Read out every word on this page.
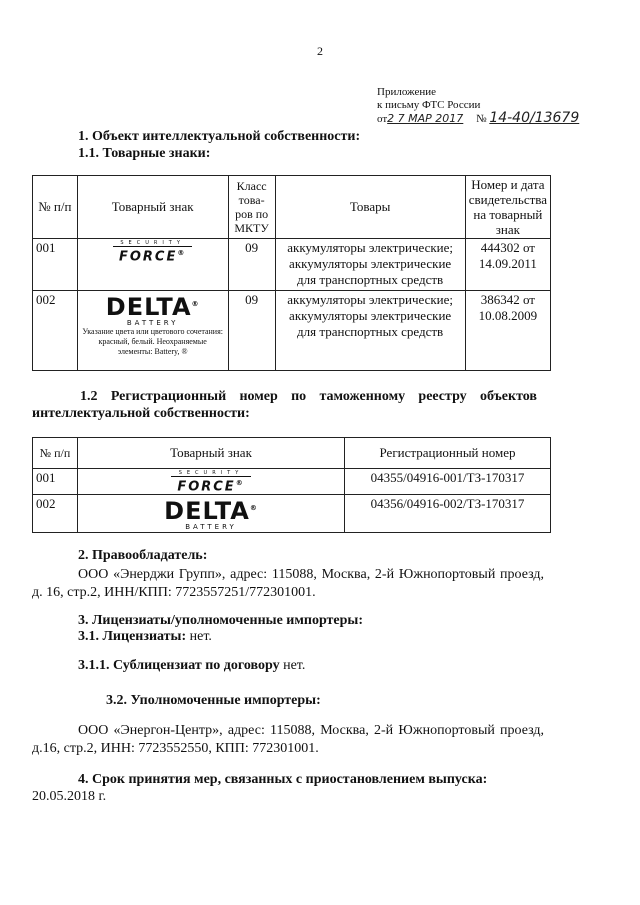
2
Приложение
к письму ФТС России
от2 7 МАР 2017 № 14-40/13679
1. Объект интеллектуальной собственности:
1.1. Товарные знаки:
№ п/п	Товарный знак	Класс това-ров по МКТУ	Товары	Номер и дата свидетельства на товарный знак
001	SECURITY
FORCE®	09	аккумуляторы электрические; аккумуляторы электрические для транспортных средств	444302 от 14.09.2011
002	DELTA®
BATTERY
Указание цвета или цветового сочетания: красный, белый. Неохраняемые элементы: Battery, ®	09	аккумуляторы электрические; аккумуляторы электрические для транспортных средств	386342 от 10.08.2009
1.2 Регистрационный номер по таможенному реестру объектов интеллектуальной собственности:
№ п/п	Товарный знак	Регистрационный номер
001	SECURITY
FORCE®	04355/04916-001/ТЗ-170317
002	DELTA®
BATTERY	04356/04916-002/ТЗ-170317
2. Правообладатель:
ООО «Энерджи Групп», адрес: 115088, Москва, 2-й Южнопортовый проезд, д. 16, стр.2, ИНН/КПП: 7723557251/772301001.
3. Лицензиаты/уполномоченные импортеры:
3.1. Лицензиаты: нет.
3.1.1. Сублицензиат по договору нет.
3.2. Уполномоченные импортеры:
ООО «Энергон-Центр», адрес: 115088, Москва, 2-й Южнопортовый проезд, д.16, стр.2, ИНН: 7723552550, КПП: 772301001.
4. Срок принятия мер, связанных с приостановлением выпуска:
20.05.2018 г.
